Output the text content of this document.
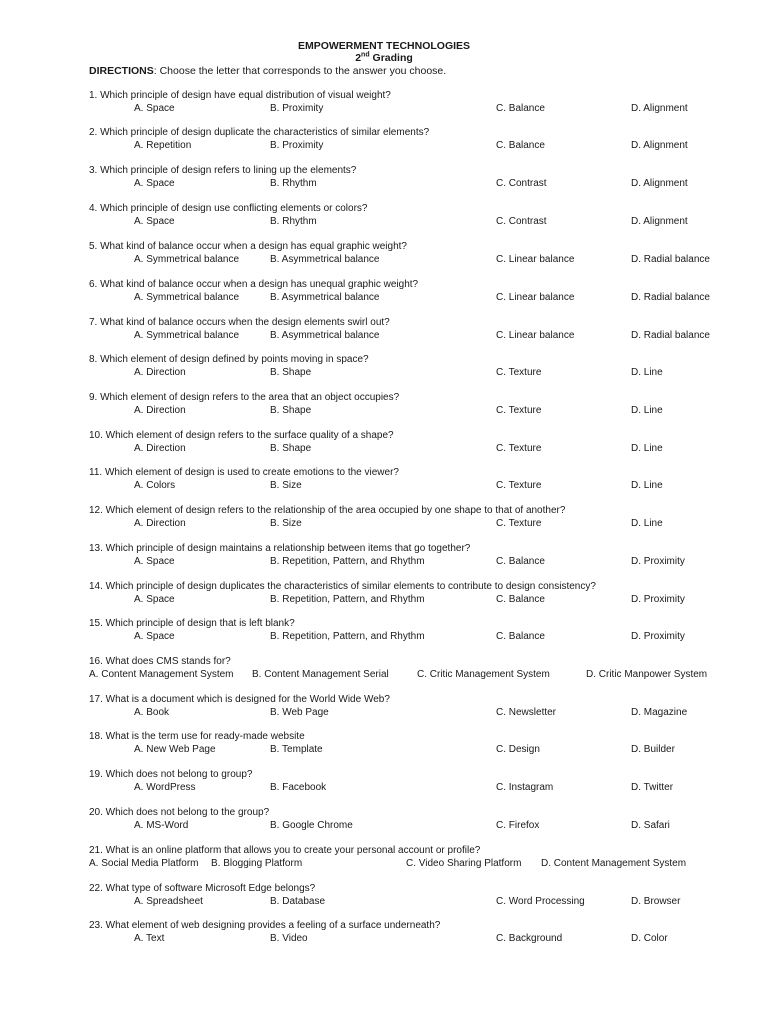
EMPOWERMENT TECHNOLOGIES
2nd Grading
DIRECTIONS: Choose the letter that corresponds to the answer you choose.
1. Which principle of design have equal distribution of visual weight?
A. Space	B. Proximity	C. Balance	D. Alignment
2. Which principle of design duplicate the characteristics of similar elements?
A. Repetition	B. Proximity	C. Balance	D. Alignment
3. Which principle of design refers to lining up the elements?
A. Space	B. Rhythm	C. Contrast	D. Alignment
4. Which principle of design use conflicting elements or colors?
A. Space	B. Rhythm	C. Contrast	D. Alignment
5. What kind of balance occur when a design has equal graphic weight?
A. Symmetrical balance	B. Asymmetrical balance	C. Linear balance	D. Radial balance
6. What kind of balance occur when a design has unequal graphic weight?
A. Symmetrical balance	B. Asymmetrical balance	C. Linear balance	D. Radial balance
7. What kind of balance occurs when the design elements swirl out?
A. Symmetrical balance	B. Asymmetrical balance	C. Linear balance	D. Radial balance
8. Which element of design defined by points moving in space?
A. Direction	B. Shape	C. Texture	D. Line
9. Which element of design refers to the area that an object occupies?
A. Direction	B. Shape	C. Texture	D. Line
10. Which element of design refers to the surface quality of a shape?
A. Direction	B. Shape	C. Texture	D. Line
11. Which element of design is used to create emotions to the viewer?
A. Colors	B. Size	C. Texture	D. Line
12. Which element of design refers to the relationship of the area occupied by one shape to that of another?
A. Direction	B. Size	C. Texture	D. Line
13. Which principle of design maintains a relationship between items that go together?
A. Space	B. Repetition, Pattern, and Rhythm	C. Balance	D. Proximity
14. Which principle of design duplicates the characteristics of similar elements to contribute to design consistency?
A. Space	B. Repetition, Pattern, and Rhythm	C. Balance	D. Proximity
15. Which principle of design that is left blank?
A. Space	B. Repetition, Pattern, and Rhythm	C. Balance	D. Proximity
16. What does CMS stands for?
A. Content Management System B. Content Management Serial	C. Critic Management System	D. Critic Manpower System
17. What is a document which is designed for the World Wide Web?
A. Book	B. Web Page	C. Newsletter	D. Magazine
18. What is the term use for ready-made website
A. New Web Page	B. Template	C. Design	D. Builder
19. Which does not belong to group?
A. WordPress	B. Facebook	C. Instagram	D. Twitter
20. Which does not belong to the group?
A. MS-Word	B. Google Chrome	C. Firefox	D. Safari
21. What is an online platform that allows you to create your personal account or profile?
A. Social Media Platform B. Blogging Platform	C. Video Sharing Platform D. Content Management System
22. What type of software Microsoft Edge belongs?
A. Spreadsheet	B. Database	C. Word Processing	D. Browser
23. What element of web designing provides a feeling of a surface underneath?
A. Text	B. Video	C. Background	D. Color
